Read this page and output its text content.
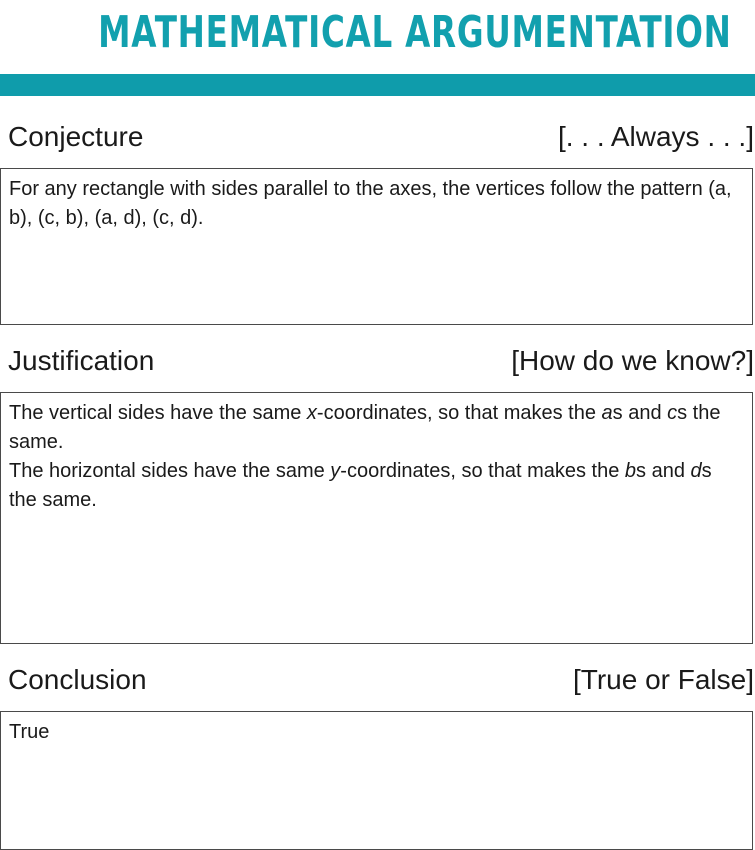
MATHEMATICAL ARGUMENTATION
Conjecture	[. . . Always . . .]

For any rectangle with sides parallel to the axes, the vertices follow the pattern (a, b), (c, b), (a, d), (c, d).

Justification	[How do we know?]

The vertical sides have the same x-coordinates, so that makes the as and cs the same.

The horizontal sides have the same y-coordinates, so that makes the bs and ds the same.

Conclusion	[True or False]

True
